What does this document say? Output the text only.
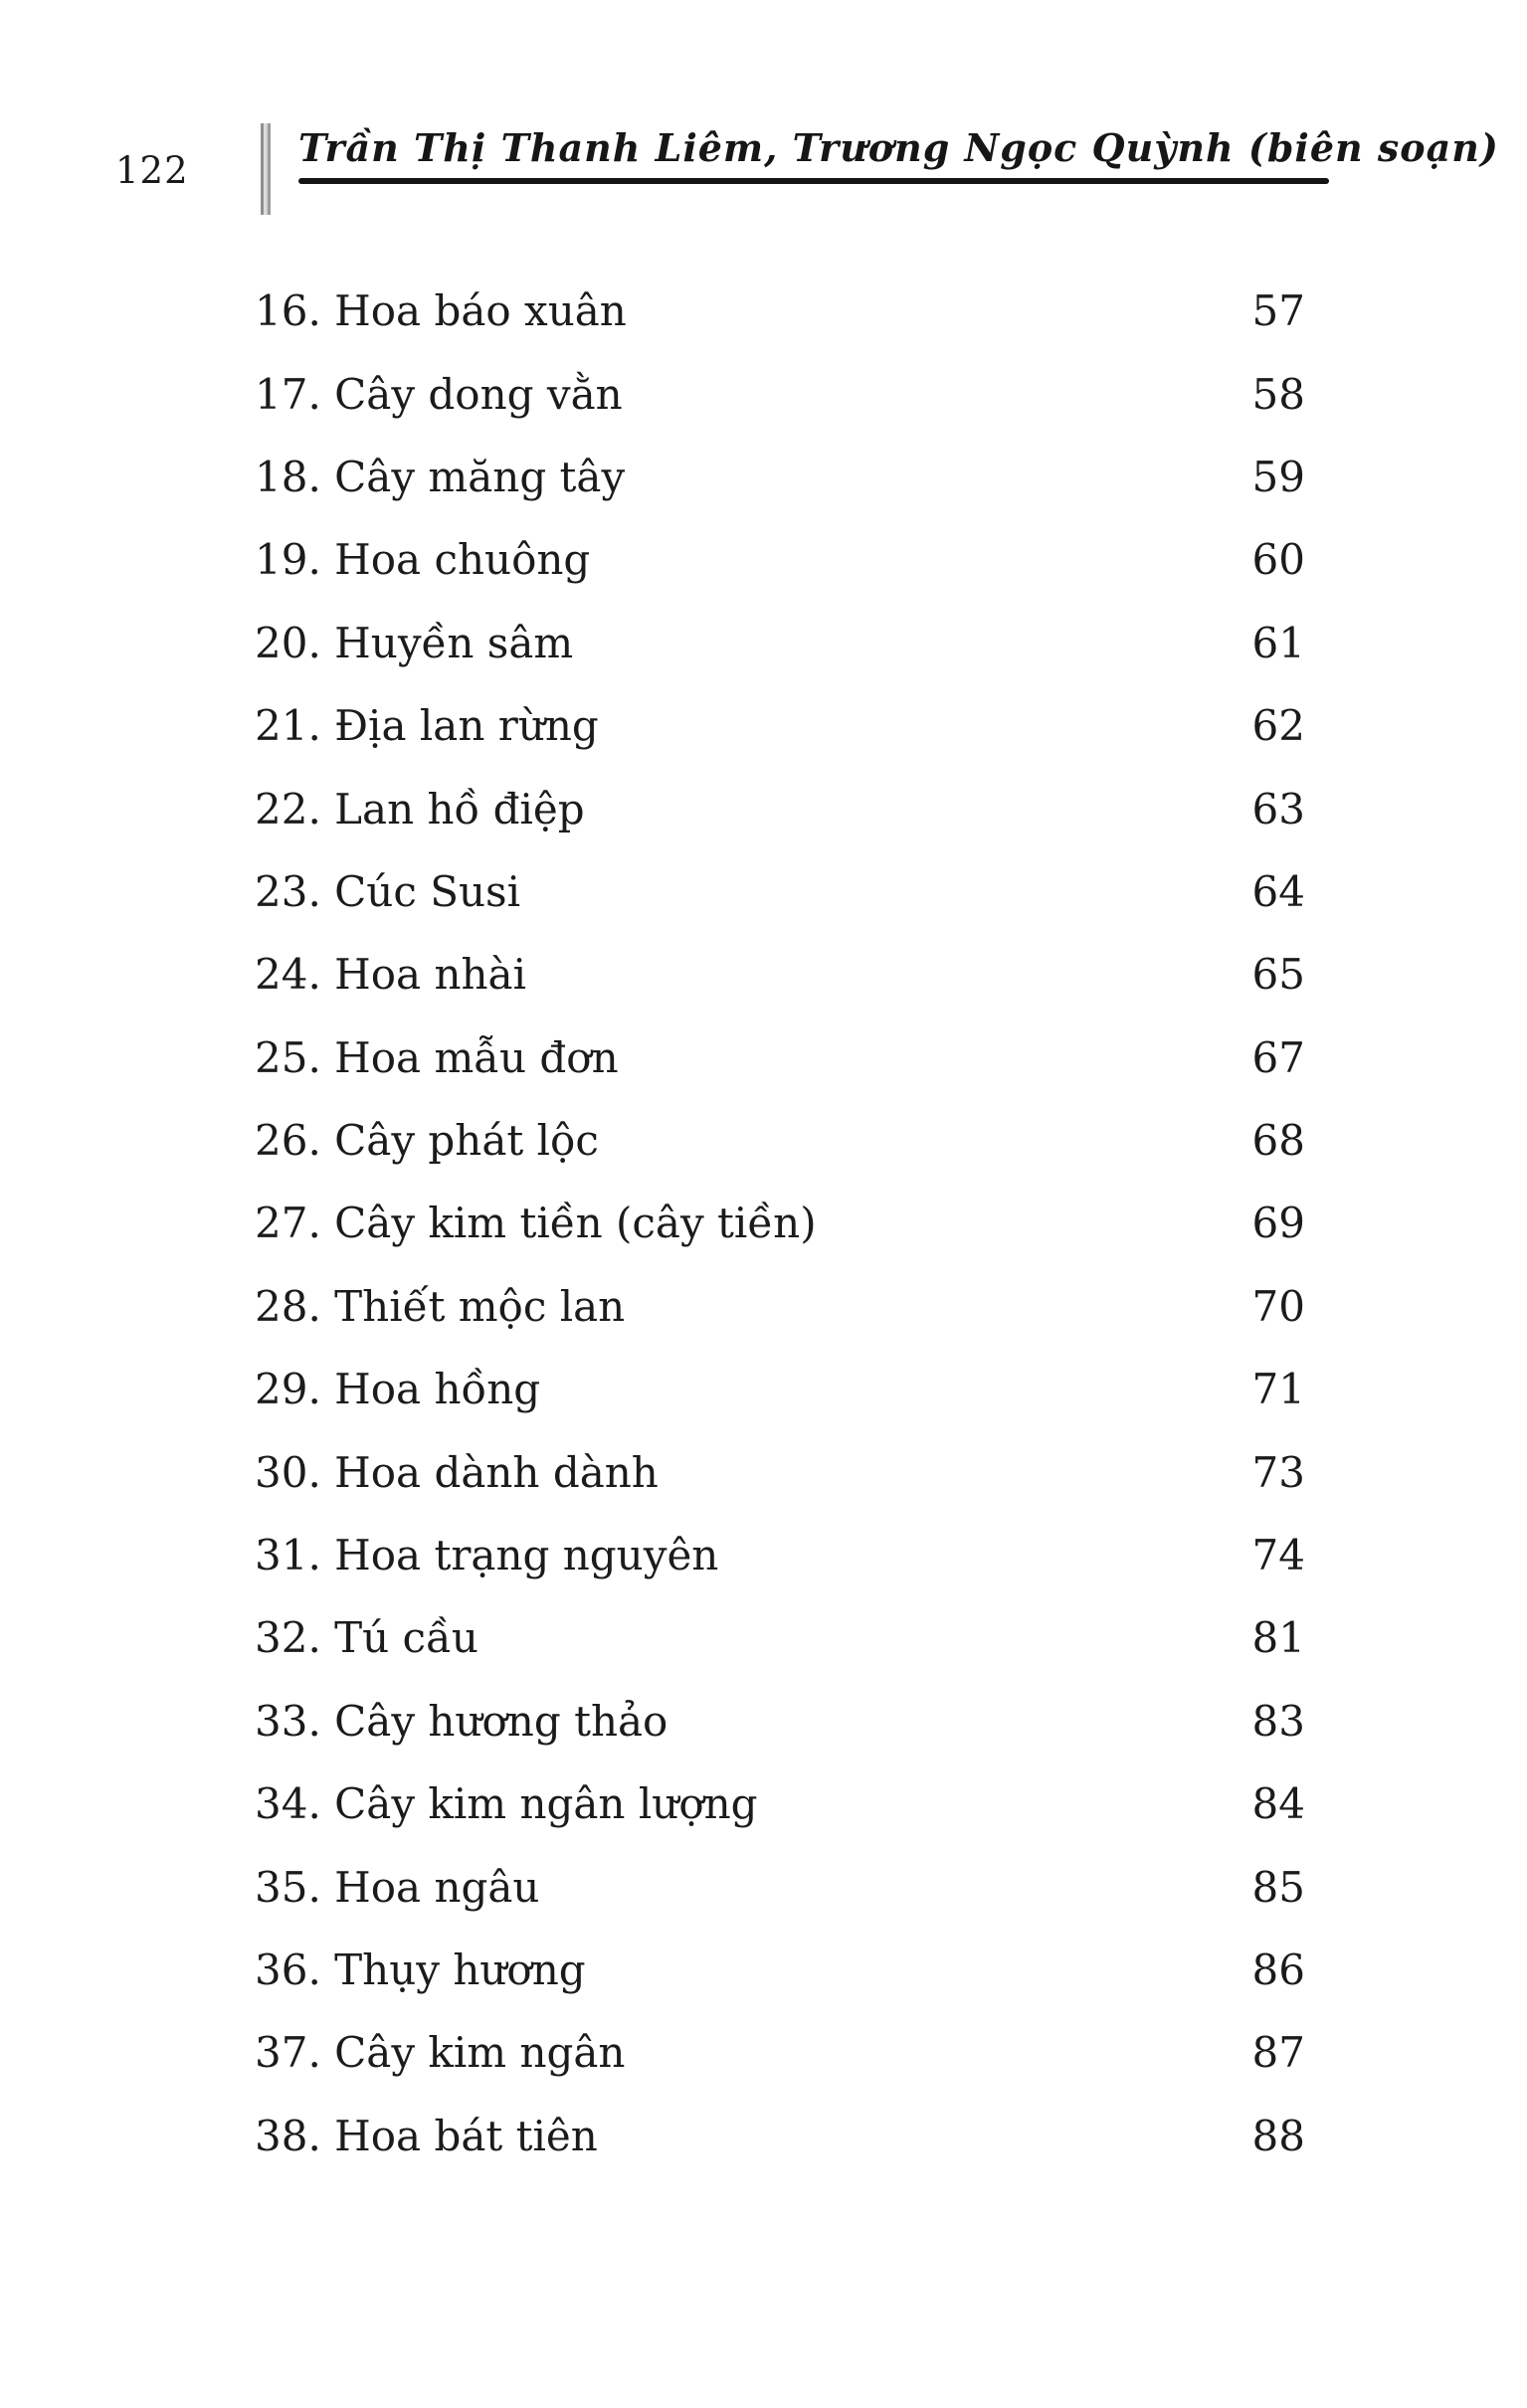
122
Trần Thị Thanh Liêm, Trương Ngọc Quỳnh (biên soạn)
16. Hoa báo xuân	57
17. Cây dong vằn	58
18. Cây măng tây	59
19. Hoa chuông	60
20. Huyền sâm	61
21. Địa lan rừng	62
22. Lan hồ điệp	63
23. Cúc Susi	64
24. Hoa nhài	65
25. Hoa mẫu đơn	67
26. Cây phát lộc	68
27. Cây kim tiền (cây tiền)	69
28. Thiết mộc lan	70
29. Hoa hồng	71
30. Hoa dành dành	73
31. Hoa trạng nguyên	74
32. Tú cầu	81
33. Cây hương thảo	83
34. Cây kim ngân lượng	84
35. Hoa ngâu	85
36. Thụy hương	86
37. Cây kim ngân	87
38. Hoa bát tiên	88
